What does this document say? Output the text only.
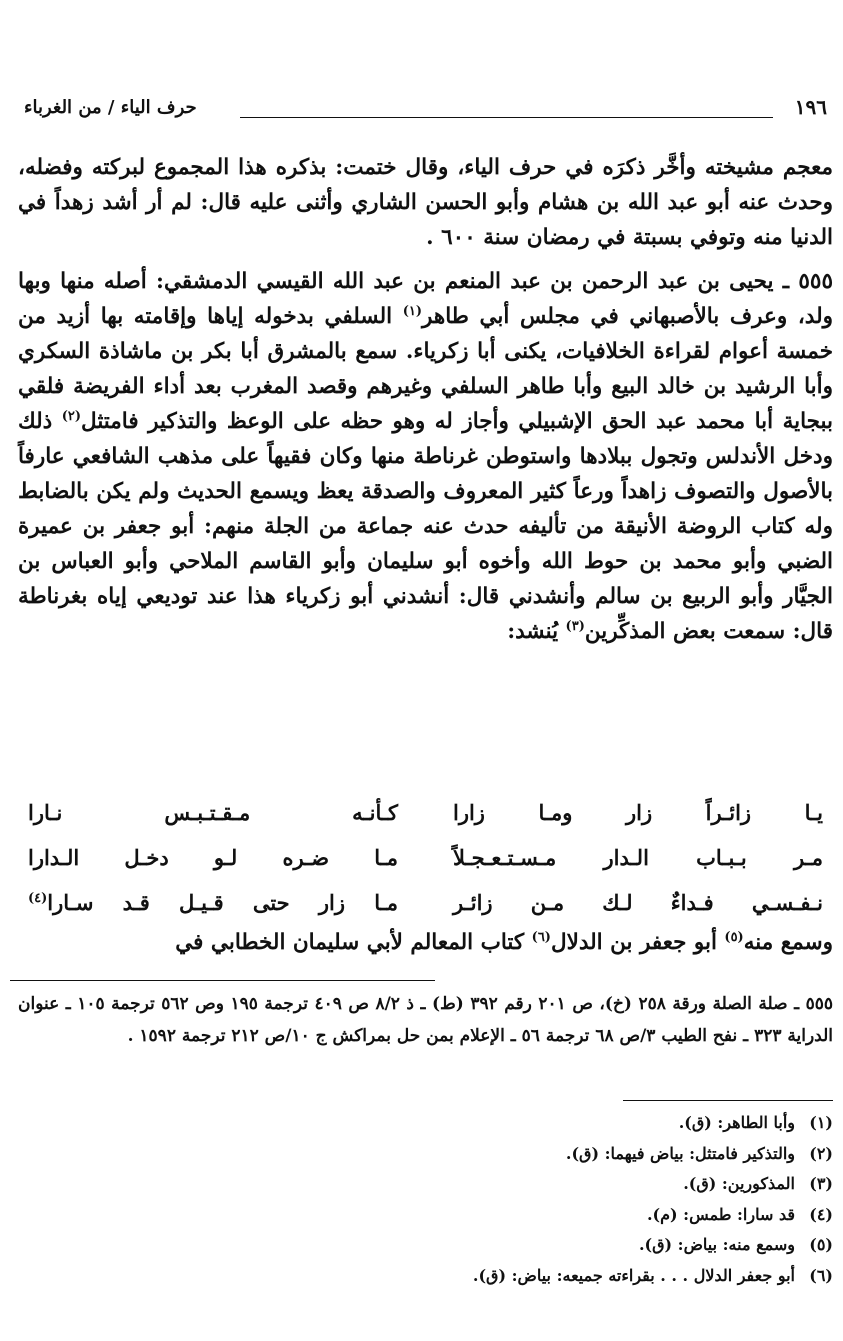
١٩٦
حرف الياء / من الغرباء

معجم مشيخته وأخَّر ذكرَه في حرف الياء، وقال ختمت: بذكره هذا المجموع لبركته وفضله، وحدث عنه أبو عبد الله بن هشام وأبو الحسن الشاري وأثنى عليه قال: لم أر أشد زهداً في الدنيا منه وتوفي بسبتة في رمضان سنة ٦٠٠ .

٥٥٥ ـ يحيى بن عبد الرحمن بن عبد المنعم بن عبد الله القيسي الدمشقي: أصله منها وبها ولد، وعرف بالأصبهاني في مجلس أبي طاهر$^{(١)}$ السلفي بدخوله إياها وإقامته بها أزيد من خمسة أعوام لقراءة الخلافيات، يكنى أبا زكرياء. سمع بالمشرق أبا بكر بن ماشاذة السكري وأبا الرشيد بن خالد البيع وأبا طاهر السلفي وغيرهم وقصد المغرب بعد أداء الفريضة فلقي ببجاية أبا محمد عبد الحق الإشبيلي وأجاز له وهو حظه على الوعظ والتذكير فامتثل$^{(٢)}$ ذلك ودخل الأندلس وتجول ببلادها واستوطن غرناطة منها وكان فقيهاً على مذهب الشافعي عارفاً بالأصول والتصوف زاهداً ورعاً كثير المعروف والصدقة يعظ ويسمع الحديث ولم يكن بالضابط وله كتاب الروضة الأنيقة من تأليفه حدث عنه جماعة من الجلة منهم: أبو جعفر بن عميرة الضبي وأبو محمد بن حوط الله وأخوه أبو سليمان وأبو القاسم الملاحي وأبو العباس بن الجيَّار وأبو الربيع بن سالم وأنشدني قال: أنشدني أبو زكرياء هذا عند توديعي إياه بغرناطة قال: سمعت بعض المذكِّرين$^{(٣)}$ يُنشد:

يـا زائـراً زار ومـا زارا
كـأنـه مـقـتـبـس نـارا
مـر بـبـاب الـدار مـسـتـعـجـلاً
مـا ضـره لـو دخـل الـدارا
نـفـسـي فـداءٌ لـك مـن زائـر
مـا زار حتى قـيـل قـد سـارا$^{(٤)}$
وسمع منه$^{(٥)}$ أبو جعفر بن الدلال$^{(٦)}$ كتاب المعالم لأبي سليمان الخطابي في
٥٥٥ ـ صلة الصلة ورقة ٢٥٨ (خ)، ص ٢٠١ رقم ٣٩٢ (ط) ـ ذ ٨/٢ ص ٤٠٩ ترجمة ١٩٥ وص ٥٦٢ ترجمة ١٠٥ ـ عنوان الدراية ٣٢٣ ـ نفح الطيب ٣/ص ٦٨ ترجمة ٥٦ ـ الإعلام بمن حل بمراكش ج ١٠/ص ٢١٢ ترجمة ١٥٩٢ .
(١)وأبا الطاهر: (ق).
(٢)والتذكير فامتثل: بياض فيهما: (ق).
(٣)المذكورين: (ق).
(٤)قد سارا: طمس: (م).
(٥)وسمع منه: بياض: (ق).
(٦)أبو جعفر الدلال . . . بقراءته جميعه: بياض: (ق).
